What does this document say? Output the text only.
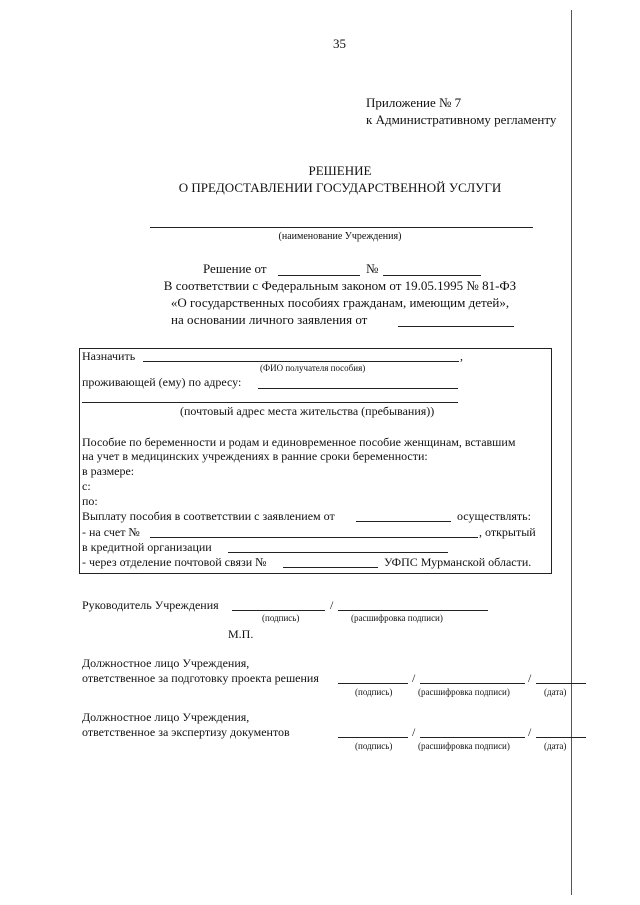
35
Приложение № 7
к Административному регламенту
РЕШЕНИЕ
О ПРЕДОСТАВЛЕНИИ ГОСУДАРСТВЕННОЙ УСЛУГИ
(наименование Учреждения)
Решение от	№
В соответствии с Федеральным законом от 19.05.1995 № 81-ФЗ
«О государственных пособиях гражданам, имеющим детей»,
на основании личного заявления от
Назначить	,
(ФИО получателя пособия)
проживающей (ему) по адресу:
(почтовый адрес места жительства (пребывания))
Пособие по беременности и родам и единовременное пособие женщинам, вставшим
на учет в медицинских учреждениях в ранние сроки беременности:
в размере:
с:
по:
Выплату пособия в соответствии с заявлением от	осуществлять:
- на счет №	, открытый
в кредитной организации
- через отделение почтовой связи №	УФПС Мурманской области.
Руководитель Учреждения	/
(подпись)	(расшифровка подписи)
М.П.
Должностное лицо Учреждения,
ответственное за подготовку проекта решения	/	/
(подпись)	(расшифровка подписи)	(дата)
Должностное лицо Учреждения,
ответственное за экспертизу документов	/	/
(подпись)	(расшифровка подписи)	(дата)
